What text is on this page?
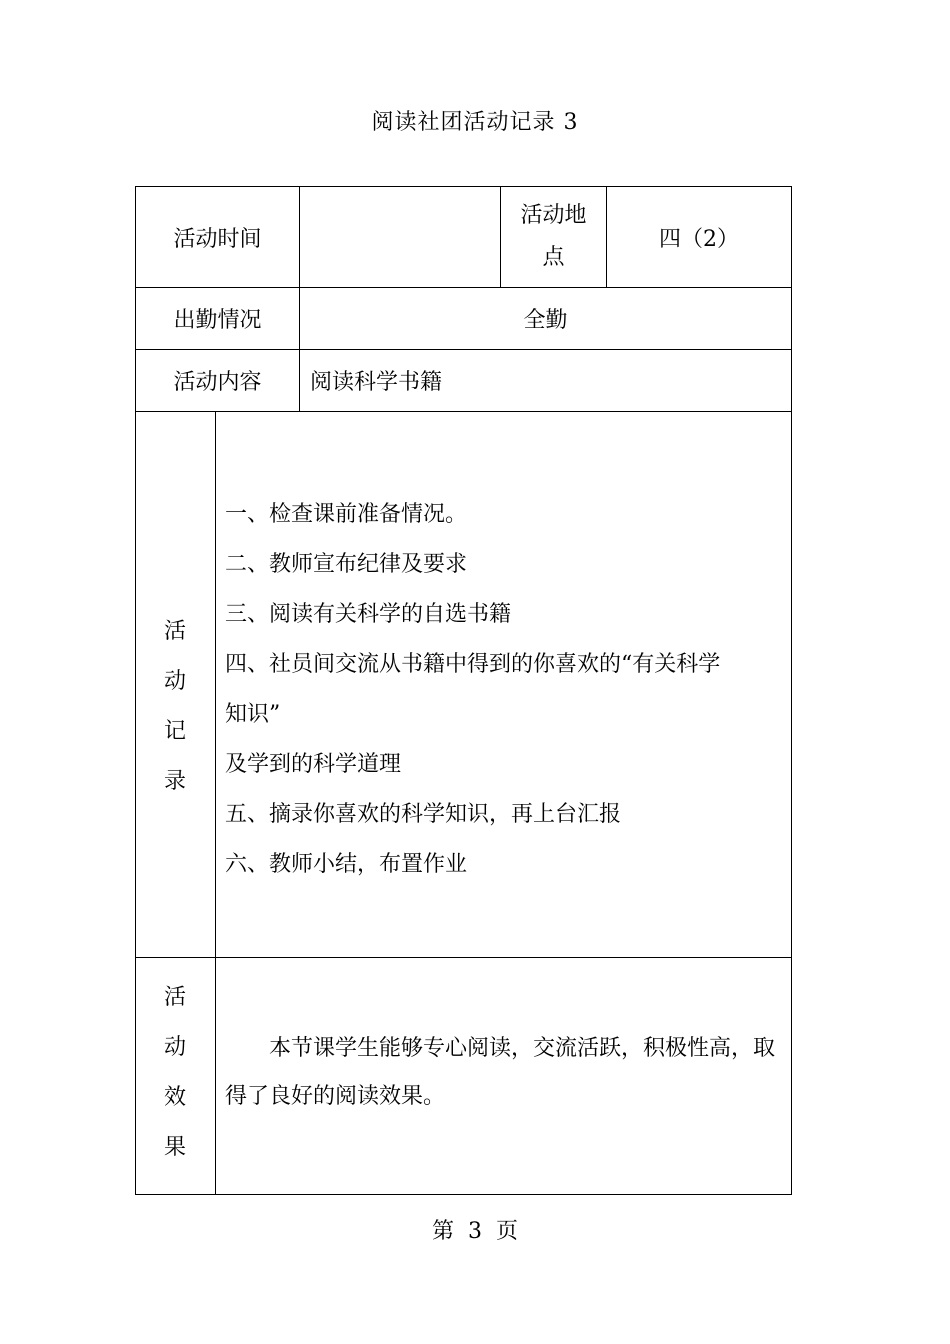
阅读社团活动记录 3
活动时间
活动地
点
四（2）
出勤情况	全勤
活动内容	阅读科学书籍
活
动
记
录
一、检查课前准备情况。
二、教师宣布纪律及要求
三、阅读有关科学的自选书籍
四、社员间交流从书籍中得到的你喜欢的“有关科学
知识”
及学到的科学道理
五、摘录你喜欢的科学知识，再上台汇报
六、教师小结，布置作业
活
动
效
果
本节课学生能够专心阅读，交流活跃，积极性高，取得了良好的阅读效果。
第  3  页
